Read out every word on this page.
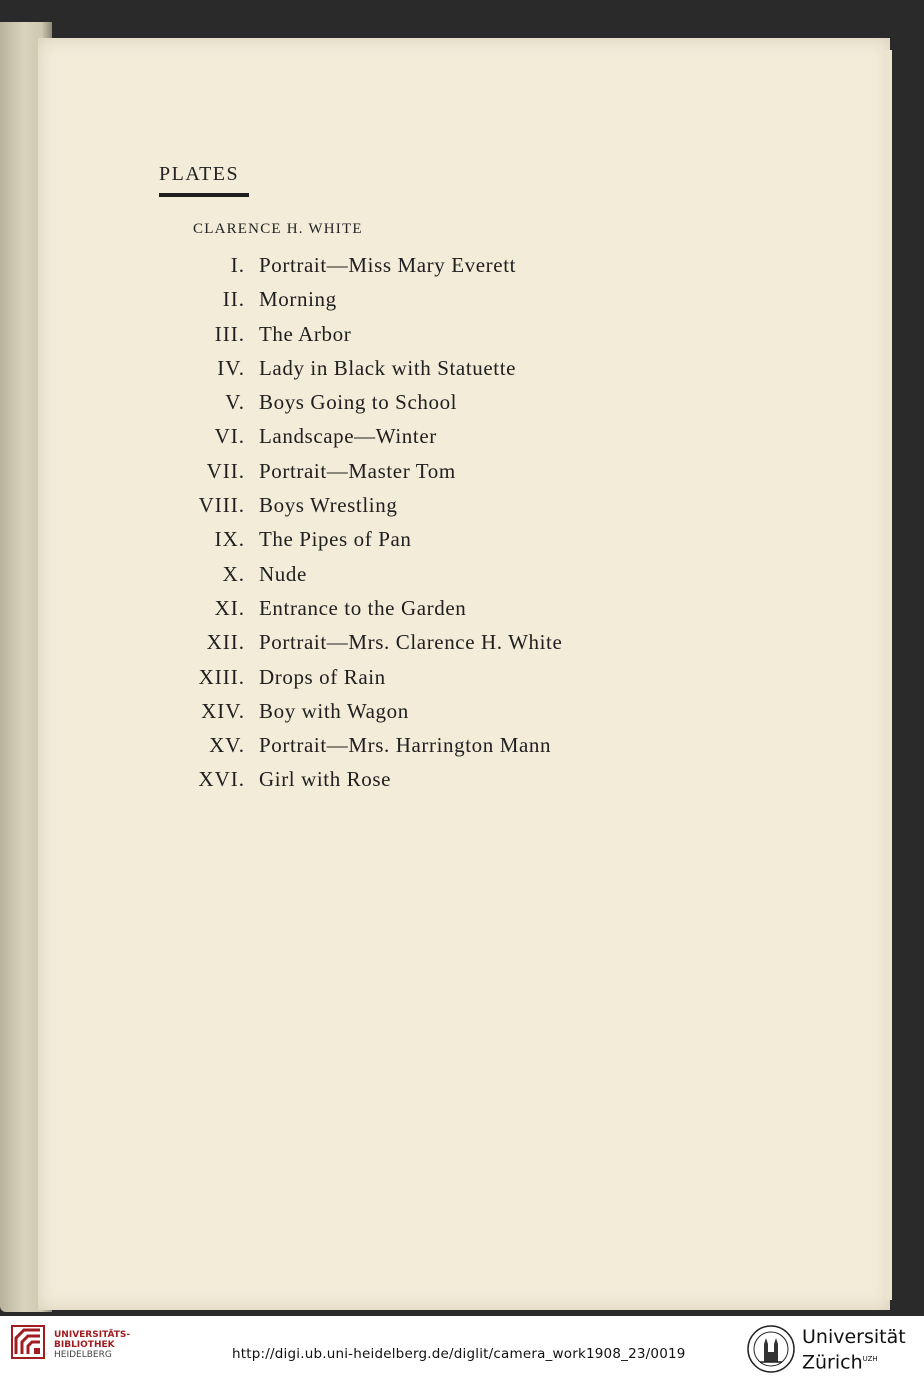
PLATES
CLARENCE H. WHITE
I. Portrait—Miss Mary Everett
II. Morning
III. The Arbor
IV. Lady in Black with Statuette
V. Boys Going to School
VI. Landscape—Winter
VII. Portrait—Master Tom
VIII. Boys Wrestling
IX. The Pipes of Pan
X. Nude
XI. Entrance to the Garden
XII. Portrait—Mrs. Clarence H. White
XIII. Drops of Rain
XIV. Boy with Wagon
XV. Portrait—Mrs. Harrington Mann
XVI. Girl with Rose
UNIVERSITÄTS-
BIBLIOTHEK
HEIDELBERG	http://digi.ub.uni-heidelberg.de/diglit/camera_work1908_23/0019
Universität
Zürich$^{UZH}$
